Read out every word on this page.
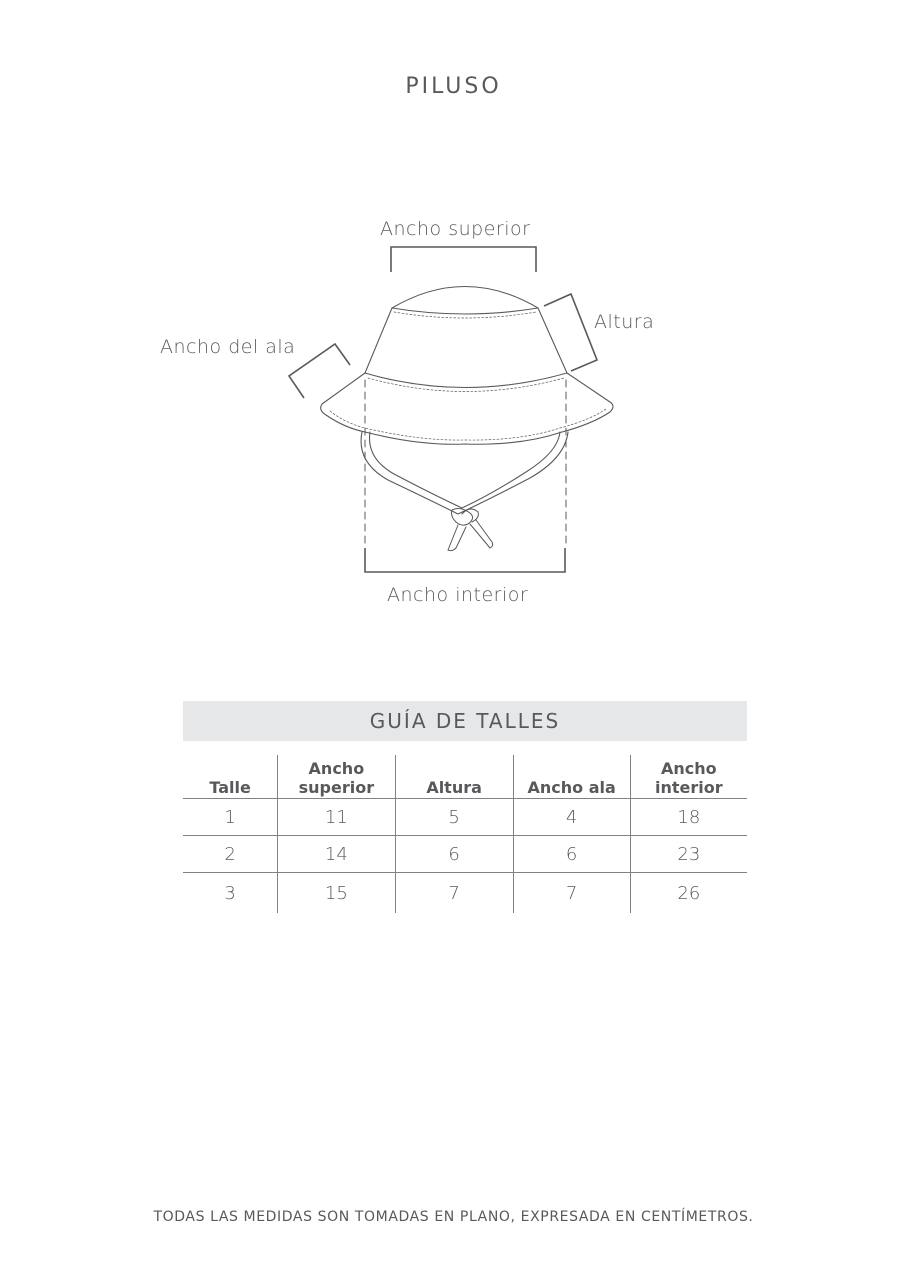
PILUSO
Ancho superior
Altura
Ancho del ala
Ancho interior
GUÍA DE TALLES
Talle	Ancho superior	Altura	Ancho ala	Ancho interior
1	11	5	4	18
2	14	6	6	23
3	15	7	7	26
TODAS LAS MEDIDAS SON TOMADAS EN PLANO, EXPRESADA EN CENTÍMETROS.
